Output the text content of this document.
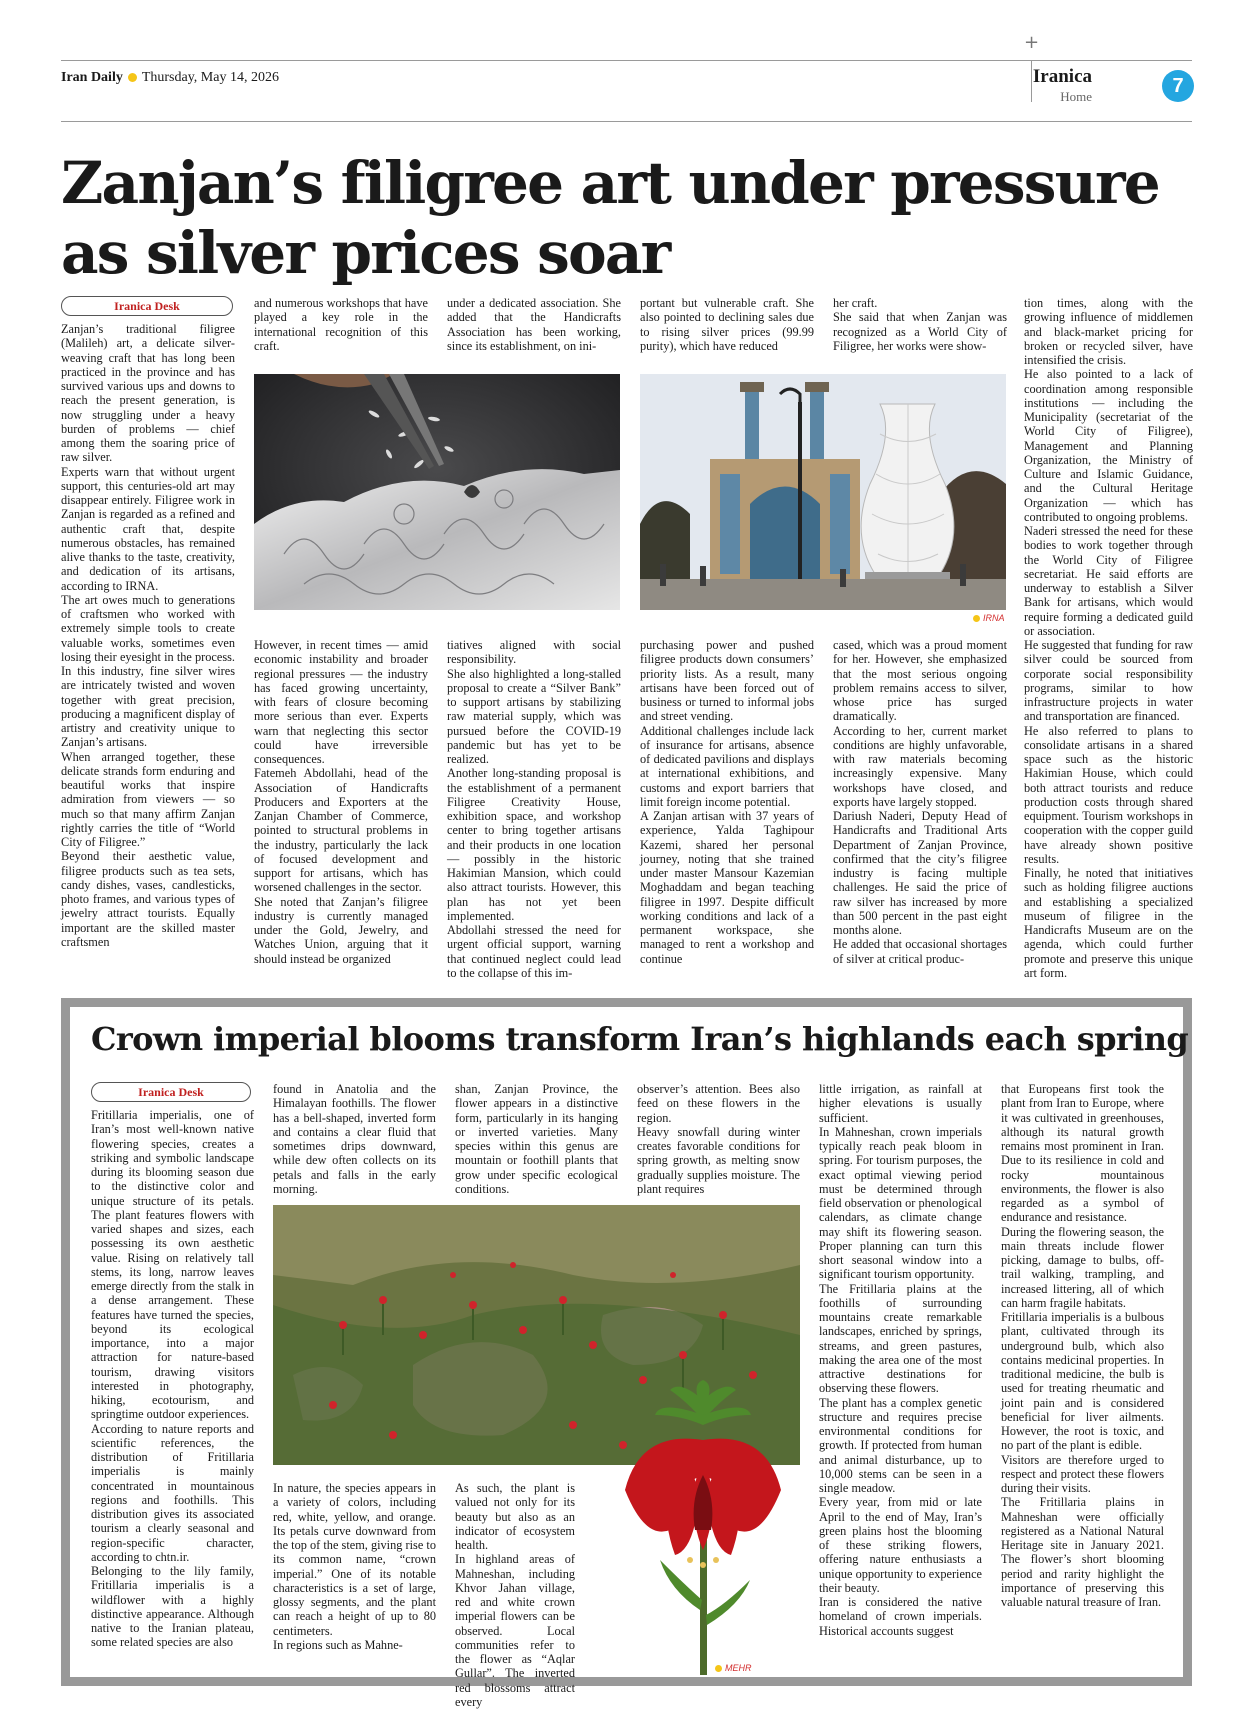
+
Iran Daily Thursday, May 14, 2026	Iranica
Home	7
Zanjan’s filigree art under pressure
as silver prices soar
Iranica Desk

Zanjan’s traditional filigree (Malileh) art, a delicate silver-weaving craft that has long been practiced in the province and has survived various ups and downs to reach the present generation, is now struggling under a heavy burden of problems — chief among them the soaring price of raw silver.
Experts warn that without urgent support, this centuries-old art may disappear entirely. Filigree work in Zanjan is regarded as a refined and authentic craft that, despite numerous obstacles, has remained alive thanks to the taste, creativity, and dedication of its artisans, according to IRNA.
The art owes much to generations of craftsmen who worked with extremely simple tools to create valuable works, sometimes even losing their eyesight in the process. In this industry, fine silver wires are intricately twisted and woven together with great precision, producing a magnificent display of artistry and creativity unique to Zanjan’s artisans.
When arranged together, these delicate strands form enduring and beautiful works that inspire admiration from viewers — so much so that many affirm Zanjan rightly carries the title of “World City of Filigree.”
Beyond their aesthetic value, filigree products such as tea sets, candy dishes, vases, candlesticks, photo frames, and various types of jewelry attract tourists. Equally important are the skilled master craftsmen

and numerous workshops that have played a key role in the international recognition of this craft.

under a dedicated association. She added that the Handicrafts Association has been working, since its establishment, on ini-

portant but vulnerable craft. She also pointed to declining sales due to rising silver prices (99.99 purity), which have reduced

her craft.
She said that when Zanjan was recognized as a World City of Filigree, her works were show-

IRNA

However, in recent times — amid economic instability and broader regional pressures — the industry has faced growing uncertainty, with fears of closure becoming more serious than ever. Experts warn that neglecting this sector could have irreversible consequences.
Fatemeh Abdollahi, head of the Association of Handicrafts Producers and Exporters at the Zanjan Chamber of Commerce, pointed to structural problems in the industry, particularly the lack of focused development and support for artisans, which has worsened challenges in the sector.
She noted that Zanjan’s filigree industry is currently managed under the Gold, Jewelry, and Watches Union, arguing that it should instead be organized

tiatives aligned with social responsibility.
She also highlighted a long-stalled proposal to create a “Silver Bank” to support artisans by stabilizing raw material supply, which was pursued before the COVID-19 pandemic but has yet to be realized.
Another long-standing proposal is the establishment of a permanent Filigree Creativity House, exhibition space, and workshop center to bring together artisans and their products in one location — possibly in the historic Hakimian Mansion, which could also attract tourists. However, this plan has not yet been implemented.
Abdollahi stressed the need for urgent official support, warning that continued neglect could lead to the collapse of this im-

purchasing power and pushed filigree products down consumers’ priority lists. As a result, many artisans have been forced out of business or turned to informal jobs and street vending.
Additional challenges include lack of insurance for artisans, absence of dedicated pavilions and displays at international exhibitions, and customs and export barriers that limit foreign income potential.
A Zanjan artisan with 37 years of experience, Yalda Taghipour Kazemi, shared her personal journey, noting that she trained under master Mansour Kazemian Moghaddam and began teaching filigree in 1997. Despite difficult working conditions and lack of a permanent workspace, she managed to rent a workshop and continue

cased, which was a proud moment for her. However, she emphasized that the most serious ongoing problem remains access to silver, whose price has surged dramatically.
According to her, current market conditions are highly unfavorable, with raw materials becoming increasingly expensive. Many workshops have closed, and exports have largely stopped.
Dariush Naderi, Deputy Head of Handicrafts and Traditional Arts Department of Zanjan Province, confirmed that the city’s filigree industry is facing multiple challenges. He said the price of raw silver has increased by more than 500 percent in the past eight months alone.
He added that occasional shortages of silver at critical produc-

tion times, along with the growing influence of middlemen and black-market pricing for broken or recycled silver, have intensified the crisis.
He also pointed to a lack of coordination among responsible institutions — including the Municipality (secretariat of the World City of Filigree), Management and Planning Organization, the Ministry of Culture and Islamic Guidance, and the Cultural Heritage Organization — which has contributed to ongoing problems.
Naderi stressed the need for these bodies to work together through the World City of Filigree secretariat. He said efforts are underway to establish a Silver Bank for artisans, which would require forming a dedicated guild or association.
He suggested that funding for raw silver could be sourced from corporate social responsibility programs, similar to how infrastructure projects in water and transportation are financed.
He also referred to plans to consolidate artisans in a shared space such as the historic Hakimian House, which could both attract tourists and reduce production costs through shared equipment. Tourism workshops in cooperation with the copper guild have already shown positive results.
Finally, he noted that initiatives such as holding filigree auctions and establishing a specialized museum of filigree in the Handicrafts Museum are on the agenda, which could further promote and preserve this unique art form.

Crown imperial blooms transform Iran’s highlands each spring
Iranica Desk

Fritillaria imperialis, one of Iran’s most well-known native flowering species, creates a striking and symbolic landscape during its blooming season due to the distinctive color and unique structure of its petals. The plant features flowers with varied shapes and sizes, each possessing its own aesthetic value. Rising on relatively tall stems, its long, narrow leaves emerge directly from the stalk in a dense arrangement. These features have turned the species, beyond its ecological importance, into a major attraction for nature-based tourism, drawing visitors interested in photography, hiking, ecotourism, and springtime outdoor experiences.
According to nature reports and scientific references, the distribution of Fritillaria imperialis is mainly concentrated in mountainous regions and foothills. This distribution gives its associated tourism a clearly seasonal and region-specific character, according to chtn.ir.
Belonging to the lily family, Fritillaria imperialis is a wildflower with a highly distinctive appearance. Although native to the Iranian plateau, some related species are also

found in Anatolia and the Himalayan foothills. The flower has a bell-shaped, inverted form and contains a clear fluid that sometimes drips downward, while dew often collects on its petals and falls in the early morning.

shan, Zanjan Province, the flower appears in a distinctive form, particularly in its hanging or inverted varieties. Many species within this genus are mountain or foothill plants that grow under specific ecological conditions.

observer’s attention. Bees also feed on these flowers in the region.
Heavy snowfall during winter creates favorable conditions for spring growth, as melting snow gradually supplies moisture. The plant requires

MEHR

In nature, the species appears in a variety of colors, including red, white, yellow, and orange. Its petals curve downward from the top of the stem, giving rise to its common name, “crown imperial.” One of its notable characteristics is a set of large, glossy segments, and the plant can reach a height of up to 80 centimeters.
In regions such as Mahne-

As such, the plant is valued not only for its beauty but also as an indicator of ecosystem health.
In highland areas of Mahneshan, including Khvor Jahan village, red and white crown imperial flowers can be observed. Local communities refer to the flower as “Aqlar Gullar”. The inverted red blossoms attract every

little irrigation, as rainfall at higher elevations is usually sufficient.
In Mahneshan, crown imperials typically reach peak bloom in spring. For tourism purposes, the exact optimal viewing period must be determined through field observation or phenological calendars, as climate change may shift its flowering season. Proper planning can turn this short seasonal window into a significant tourism opportunity.
The Fritillaria plains at the foothills of surrounding mountains create remarkable landscapes, enriched by springs, streams, and green pastures, making the area one of the most attractive destinations for observing these flowers.
The plant has a complex genetic structure and requires precise environmental conditions for growth. If protected from human and animal disturbance, up to 10,000 stems can be seen in a single meadow.
Every year, from mid or late April to the end of May, Iran’s green plains host the blooming of these striking flowers, offering nature enthusiasts a unique opportunity to experience their beauty.
Iran is considered the native homeland of crown imperials. Historical accounts suggest

that Europeans first took the plant from Iran to Europe, where it was cultivated in greenhouses, although its natural growth remains most prominent in Iran. Due to its resilience in cold and rocky mountainous environments, the flower is also regarded as a symbol of endurance and resistance.
During the flowering season, the main threats include flower picking, damage to bulbs, off-trail walking, trampling, and increased littering, all of which can harm fragile habitats.
Fritillaria imperialis is a bulbous plant, cultivated through its underground bulb, which also contains medicinal properties. In traditional medicine, the bulb is used for treating rheumatic and joint pain and is considered beneficial for liver ailments. However, the root is toxic, and no part of the plant is edible.
Visitors are therefore urged to respect and protect these flowers during their visits.
The Fritillaria plains in Mahneshan were officially registered as a National Natural Heritage site in January 2021. The flower’s short blooming period and rarity highlight the importance of preserving this valuable natural treasure of Iran.
